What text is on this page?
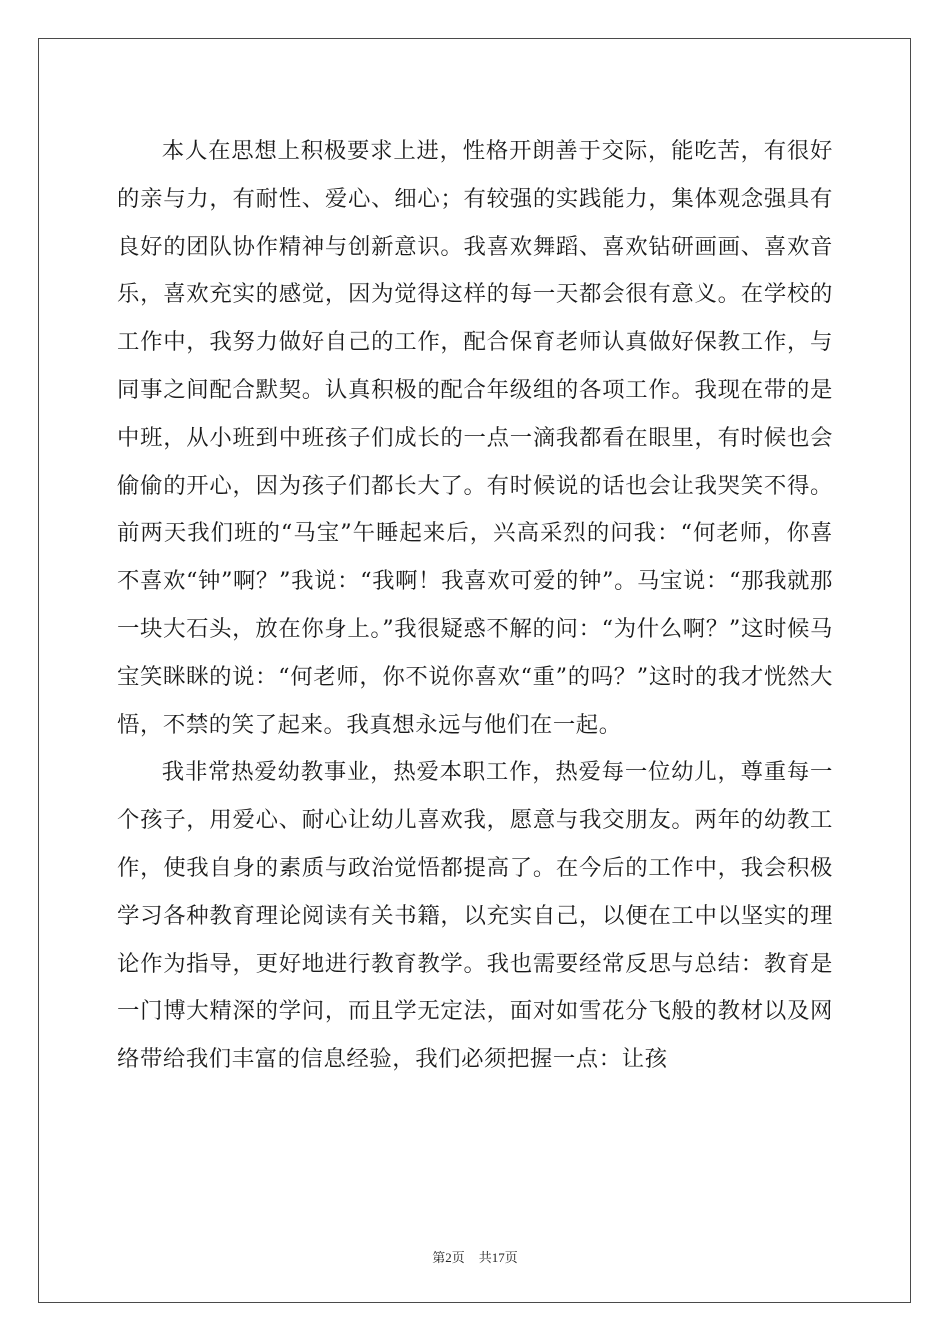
本人在思想上积极要求上进，性格开朗善于交际，能吃苦，有很好的亲与力，有耐性、爱心、细心；有较强的实践能力，集体观念强具有良好的团队协作精神与创新意识。我喜欢舞蹈、喜欢钻研画画、喜欢音乐，喜欢充实的感觉，因为觉得这样的每一天都会很有意义。在学校的工作中，我努力做好自己的工作，配合保育老师认真做好保教工作，与同事之间配合默契。认真积极的配合年级组的各项工作。我现在带的是中班，从小班到中班孩子们成长的一点一滴我都看在眼里，有时候也会偷偷的开心，因为孩子们都长大了。有时候说的话也会让我哭笑不得。前两天我们班的“马宝”午睡起来后，兴高采烈的问我：“何老师，你喜不喜欢“钟”啊？”我说：“我啊！我喜欢可爱的钟”。马宝说：“那我就那一块大石头，放在你身上。”我很疑惑不解的问：“为什么啊？”这时候马宝笑眯眯的说：“何老师，你不说你喜欢“重”的吗？”这时的我才恍然大悟，不禁的笑了起来。我真想永远与他们在一起。

我非常热爱幼教事业，热爱本职工作，热爱每一位幼儿，尊重每一个孩子，用爱心、耐心让幼儿喜欢我，愿意与我交朋友。两年的幼教工作，使我自身的素质与政治觉悟都提高了。在今后的工作中，我会积极学习各种教育理论阅读有关书籍，以充实自己，以便在工中以坚实的理论作为指导，更好地进行教育教学。我也需要经常反思与总结：教育是一门博大精深的学问，而且学无定法，面对如雪花分飞般的教材以及网络带给我们丰富的信息经验，我们必须把握一点：让孩

第2页 共17页
